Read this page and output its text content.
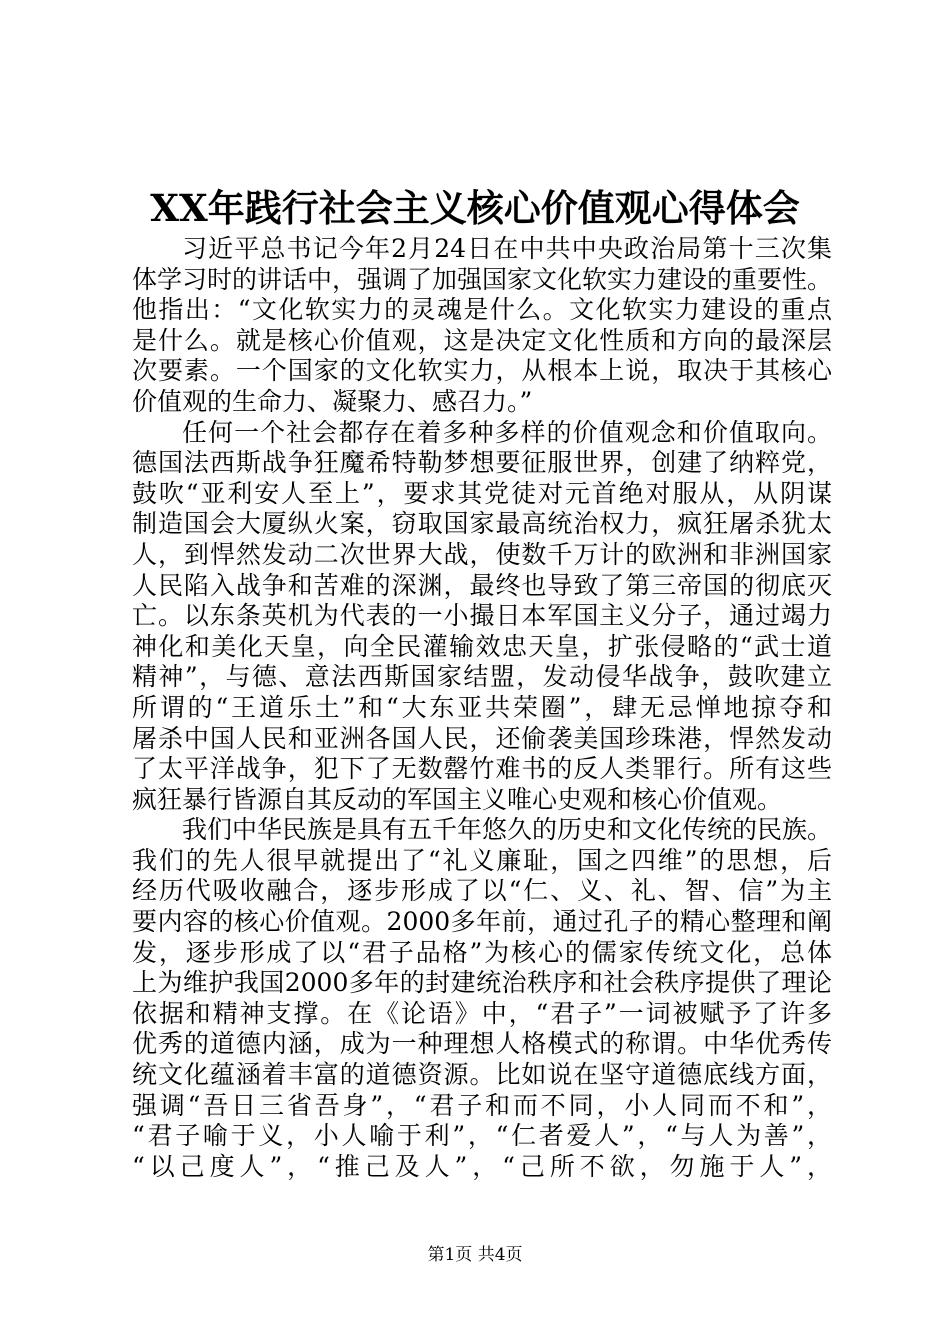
XX年践行社会主义核心价值观心得体会
习近平总书记今年2月24日在中共中央政治局第十三次集
体学习时的讲话中，强调了加强国家文化软实力建设的重要性。
他指出：“文化软实力的灵魂是什么。文化软实力建设的重点
是什么。就是核心价值观，这是决定文化性质和方向的最深层
次要素。一个国家的文化软实力，从根本上说，取决于其核心
价值观的生命力、凝聚力、感召力。”
任何一个社会都存在着多种多样的价值观念和价值取向。
德国法西斯战争狂魔希特勒梦想要征服世界，创建了纳粹党，
鼓吹“亚利安人至上”，要求其党徒对元首绝对服从，从阴谋
制造国会大厦纵火案，窃取国家最高统治权力，疯狂屠杀犹太
人，到悍然发动二次世界大战，使数千万计的欧洲和非洲国家
人民陷入战争和苦难的深渊，最终也导致了第三帝国的彻底灭
亡。以东条英机为代表的一小撮日本军国主义分子，通过竭力
神化和美化天皇，向全民灌输效忠天皇，扩张侵略的“武士道
精神”，与德、意法西斯国家结盟，发动侵华战争，鼓吹建立
所谓的“王道乐土”和“大东亚共荣圈”，肆无忌惮地掠夺和
屠杀中国人民和亚洲各国人民，还偷袭美国珍珠港，悍然发动
了太平洋战争，犯下了无数罄竹难书的反人类罪行。所有这些
疯狂暴行皆源自其反动的军国主义唯心史观和核心价值观。
我们中华民族是具有五千年悠久的历史和文化传统的民族。
我们的先人很早就提出了“礼义廉耻，国之四维”的思想，后
经历代吸收融合，逐步形成了以“仁、义、礼、智、信”为主
要内容的核心价值观。2000多年前，通过孔子的精心整理和阐
发，逐步形成了以“君子品格”为核心的儒家传统文化，总体
上为维护我国2000多年的封建统治秩序和社会秩序提供了理论
依据和精神支撑。在《论语》中，“君子”一词被赋予了许多
优秀的道德内涵，成为一种理想人格模式的称谓。中华优秀传
统文化蕴涵着丰富的道德资源。比如说在坚守道德底线方面，
强调“吾日三省吾身”，“君子和而不同，小人同而不和”，
“君子喻于义，小人喻于利”，“仁者爱人”，“与人为善”，
“以己度人”，“推己及人”，“己所不欲，勿施于人”，
第1页 共4页
